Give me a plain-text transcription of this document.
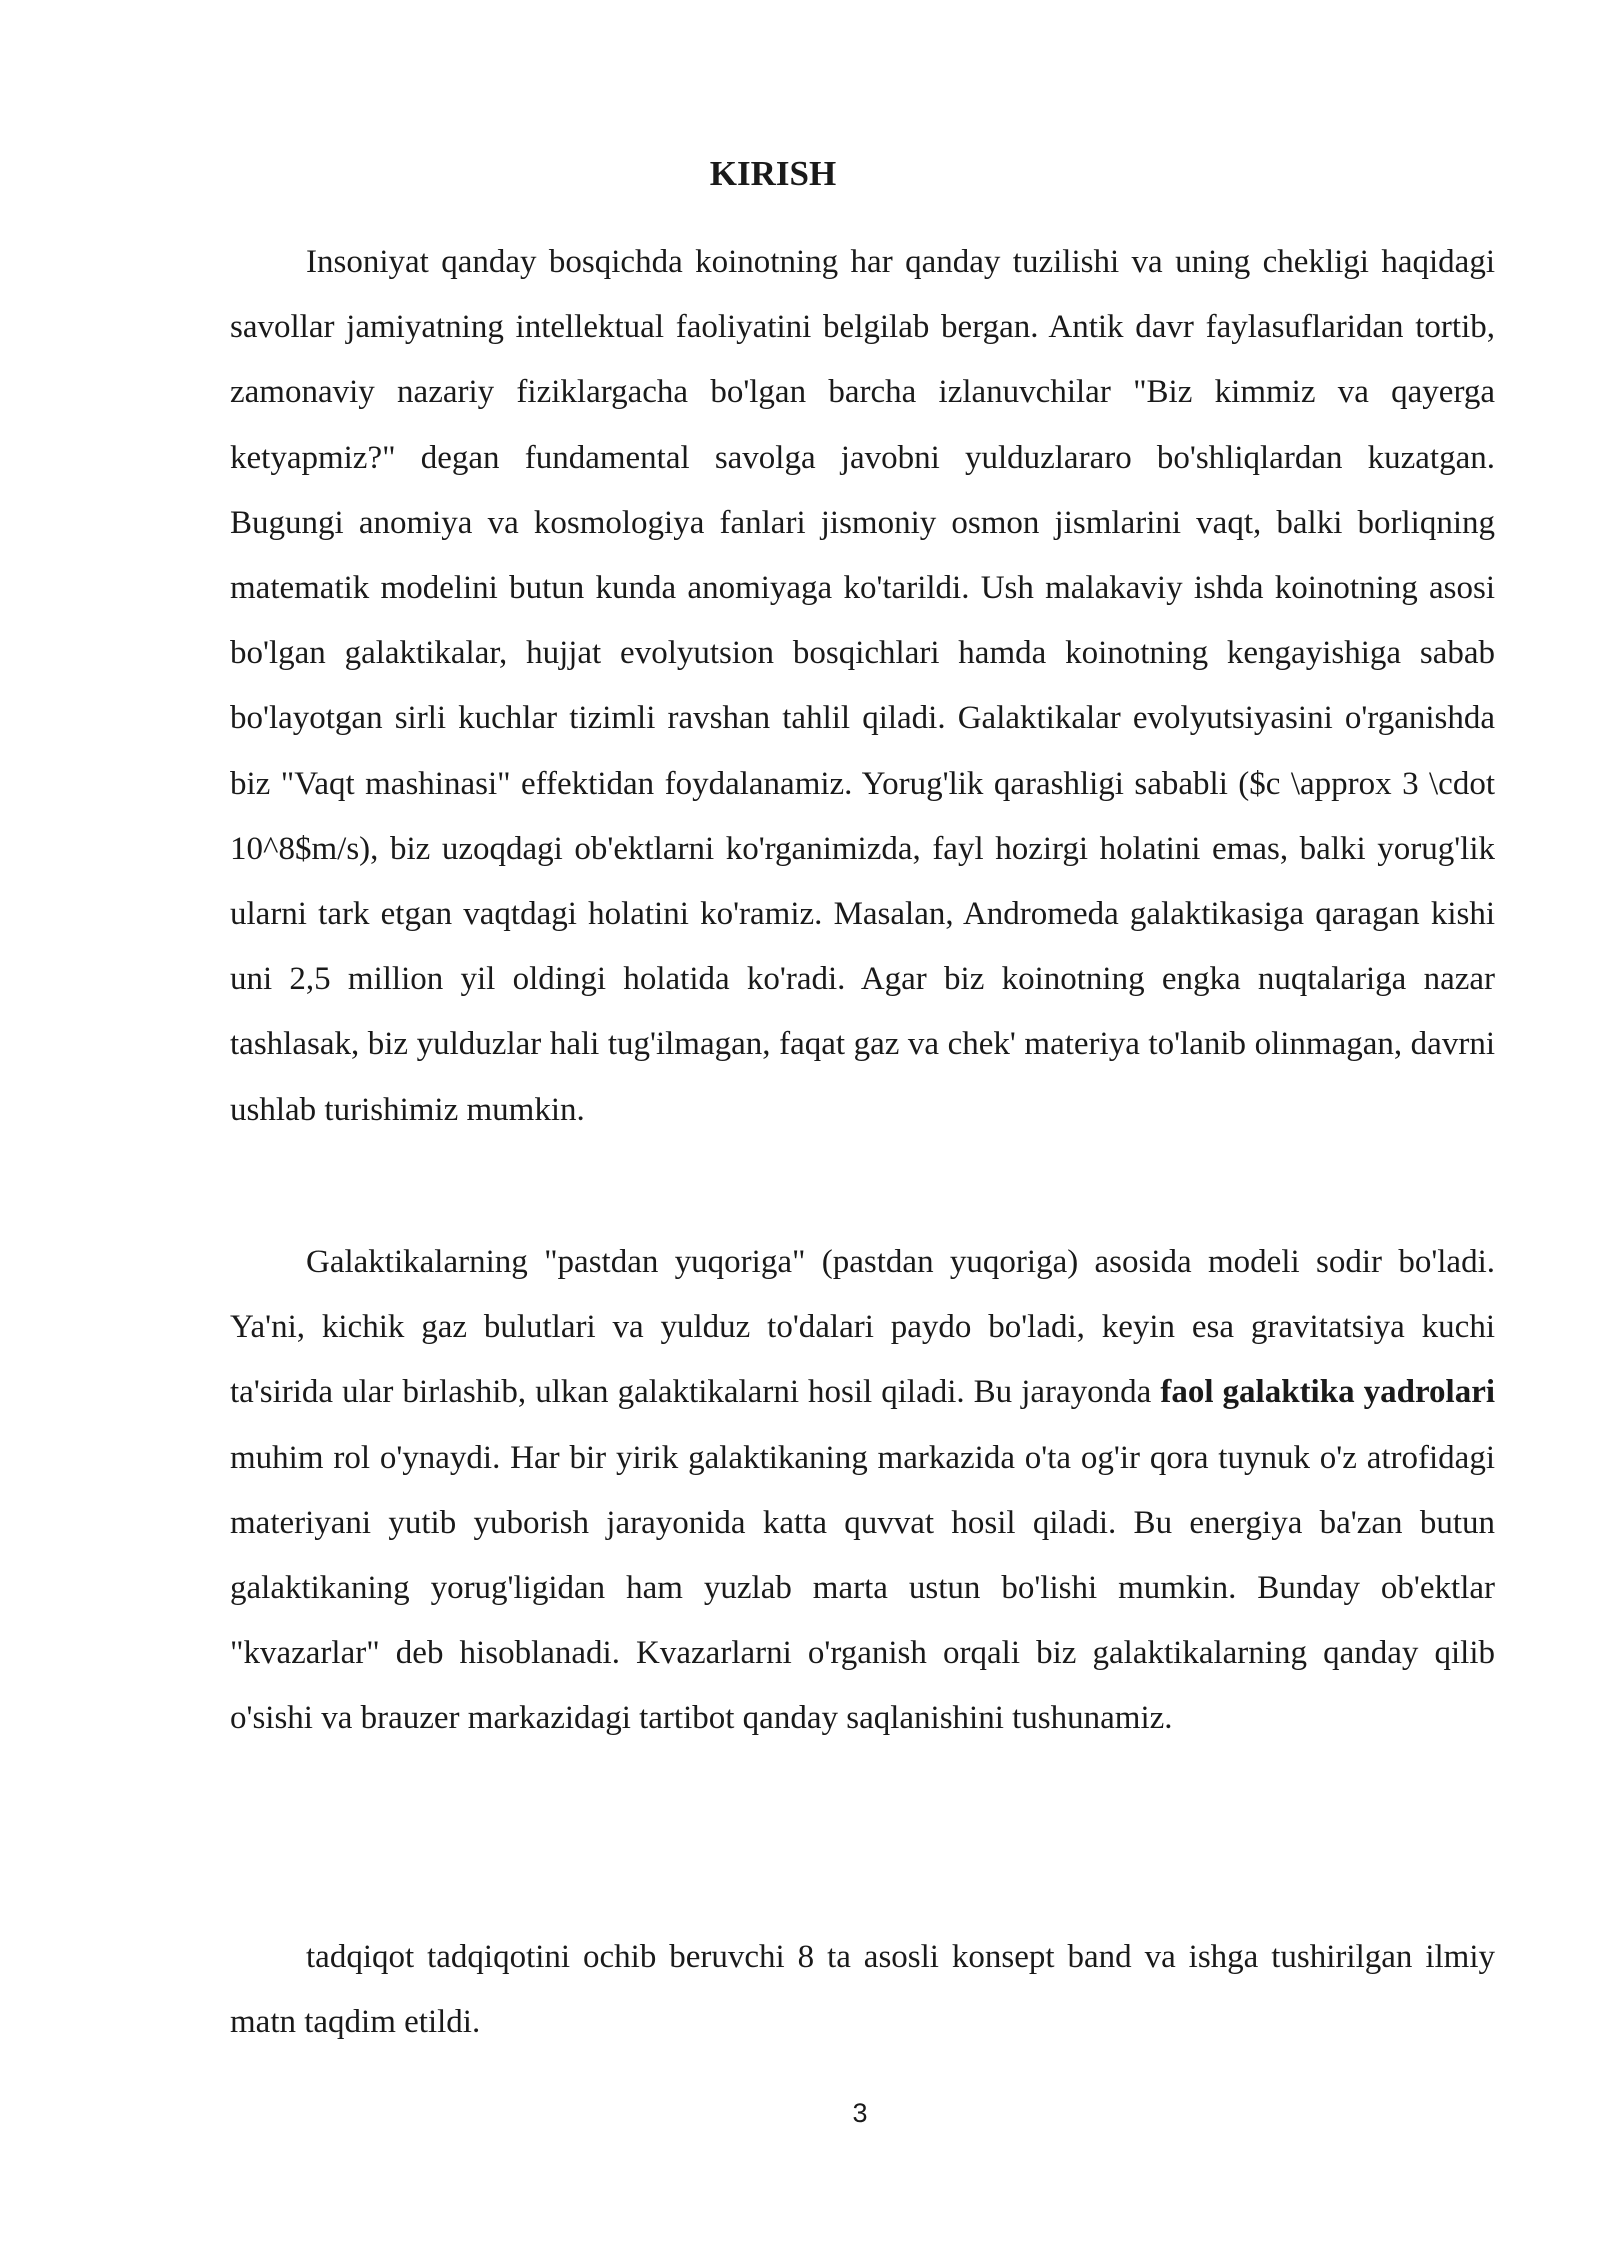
KIRISH

Insoniyat qanday bosqichda koinotning har qanday tuzilishi va uning chekligi haqidagi savollar jamiyatning intellektual faoliyatini belgilab bergan. Antik davr faylasuflaridan tortib, zamonaviy nazariy fiziklargacha bo'lgan barcha izlanuvchilar "Biz kimmiz va qayerga ketyapmiz?" degan fundamental savolga javobni yulduzlararo bo'shliqlardan kuzatgan. Bugungi anomiya va kosmologiya fanlari jismoniy osmon jismlarini vaqt, balki borliqning matematik modelini butun kunda anomiyaga ko'tarildi. Ush malakaviy ishda koinotning asosi bo'lgan galaktikalar, hujjat evolyutsion bosqichlari hamda koinotning kengayishiga sabab bo'layotgan sirli kuchlar tizimli ravshan tahlil qiladi. Galaktikalar evolyutsiyasini o'rganishda biz "Vaqt mashinasi" effektidan foydalanamiz. Yorug'lik qarashligi sababli ($c \approx 3 \cdot 10^8$m/s), biz uzoqdagi ob'ektlarni ko'rganimizda, fayl hozirgi holatini emas, balki yorug'lik ularni tark etgan vaqtdagi holatini ko'ramiz. Masalan, Andromeda galaktikasiga qaragan kishi uni 2,5 million yil oldingi holatida ko'radi. Agar biz koinotning engka nuqtalariga nazar tashlasak, biz yulduzlar hali tug'ilmagan, faqat gaz va chek' materiya to'lanib olinmagan, davrni ushlab turishimiz mumkin.

Galaktikalarning "pastdan yuqoriga" (pastdan yuqoriga) asosida modeli sodir bo'ladi. Ya'ni, kichik gaz bulutlari va yulduz to'dalari paydo bo'ladi, keyin esa gravitatsiya kuchi ta'sirida ular birlashib, ulkan galaktikalarni hosil qiladi. Bu jarayonda faol galaktika yadrolari muhim rol o'ynaydi. Har bir yirik galaktikaning markazida o'ta og'ir qora tuynuk o'z atrofidagi materiyani yutib yuborish jarayonida katta quvvat hosil qiladi. Bu energiya ba'zan butun galaktikaning yorug'ligidan ham yuzlab marta ustun bo'lishi mumkin. Bunday ob'ektlar "kvazarlar" deb hisoblanadi. Kvazarlarni o'rganish orqali biz galaktikalarning qanday qilib o'sishi va brauzer markazidagi tartibot qanday saqlanishini tushunamiz.

tadqiqot tadqiqotini ochib beruvchi 8 ta asosli konsept band va ishga tushirilgan ilmiy matn taqdim etildi.

3
